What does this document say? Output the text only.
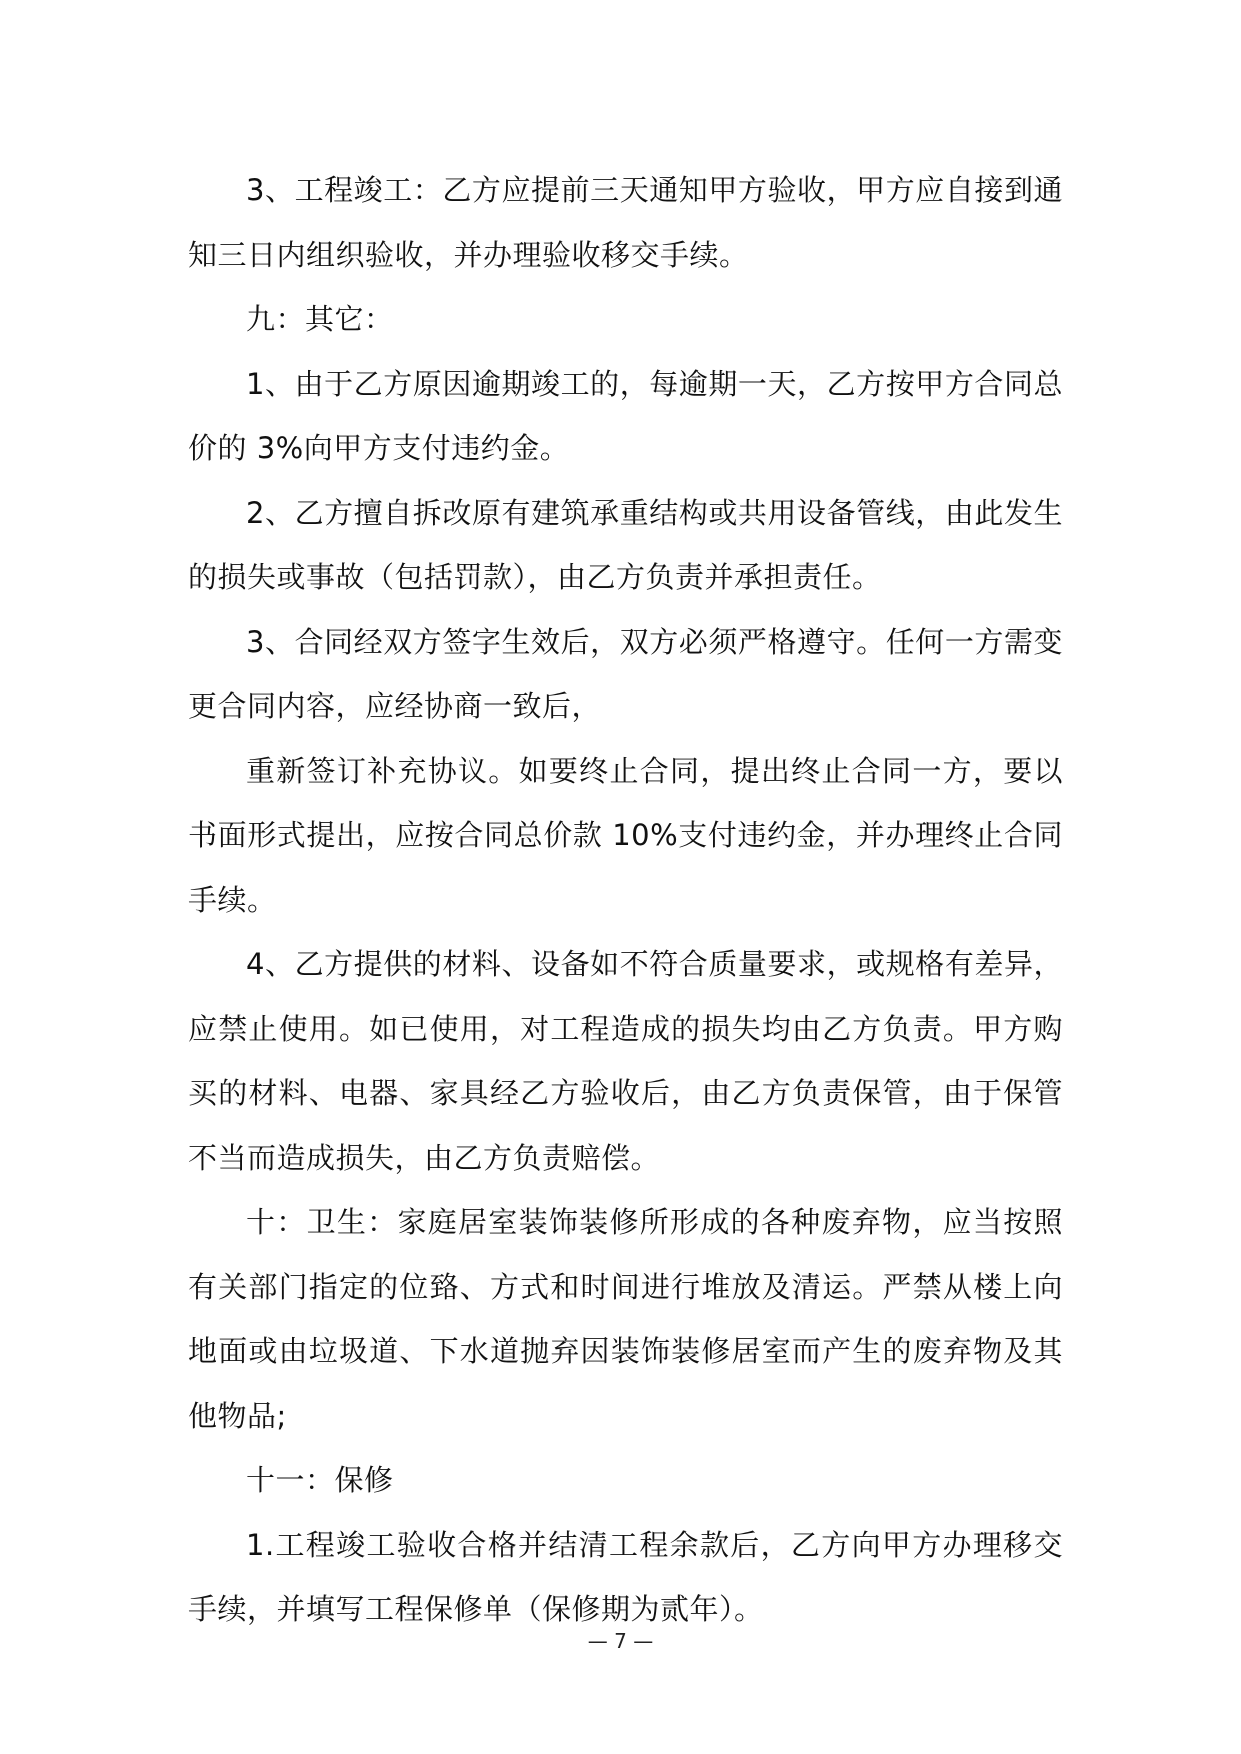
3、工程竣工：乙方应提前三天通知甲方验收，甲方应自接到通知三日内组织验收，并办理验收移交手续。

九：其它：

1、由于乙方原因逾期竣工的，每逾期一天，乙方按甲方合同总价的 3%向甲方支付违约金。

2、乙方擅自拆改原有建筑承重结构或共用设备管线，由此发生的损失或事故（包括罚款），由乙方负责并承担责任。

3、合同经双方签字生效后，双方必须严格遵守。任何一方需变更合同内容，应经协商一致后，

重新签订补充协议。如要终止合同，提出终止合同一方，要以书面形式提出，应按合同总价款 10%支付违约金，并办理终止合同手续。

4、乙方提供的材料、设备如不符合质量要求，或规格有差异，应禁止使用。如已使用，对工程造成的损失均由乙方负责。甲方购买的材料、电器、家具经乙方验收后，由乙方负责保管，由于保管不当而造成损失，由乙方负责赔偿。

十：卫生：家庭居室装饰装修所形成的各种废弃物，应当按照有关部门指定的位臵、方式和时间进行堆放及清运。严禁从楼上向地面或由垃圾道、下水道抛弃因装饰装修居室而产生的废弃物及其他物品;

十一：保修

1.工程竣工验收合格并结清工程余款后，乙方向甲方办理移交手续，并填写工程保修单（保修期为贰年）。

— 7 —
